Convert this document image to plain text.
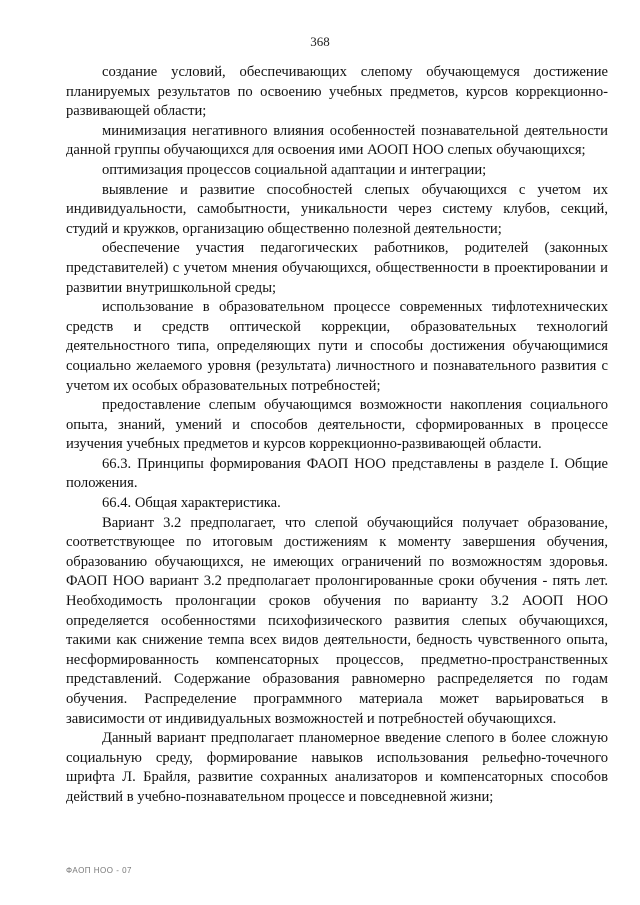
368

создание условий, обеспечивающих слепому обучающемуся достижение планируемых результатов по освоению учебных предметов, курсов коррекционно-развивающей области;

минимизация негативного влияния особенностей познавательной деятельности данной группы обучающихся для освоения ими АООП НОО слепых обучающихся;

оптимизация процессов социальной адаптации и интеграции;

выявление и развитие способностей слепых обучающихся с учетом их индивидуальности, самобытности, уникальности через систему клубов, секций, студий и кружков, организацию общественно полезной деятельности;

обеспечение участия педагогических работников, родителей (законных представителей) с учетом мнения обучающихся, общественности в проектировании и развитии внутришкольной среды;

использование в образовательном процессе современных тифлотехнических средств и средств оптической коррекции, образовательных технологий деятельностного типа, определяющих пути и способы достижения обучающимися социально желаемого уровня (результата) личностного и познавательного развития с учетом их особых образовательных потребностей;

предоставление слепым обучающимся возможности накопления социального опыта, знаний, умений и способов деятельности, сформированных в процессе изучения учебных предметов и курсов коррекционно-развивающей области.

66.3. Принципы формирования ФАОП НОО представлены в разделе I. Общие положения.

66.4. Общая характеристика.

Вариант 3.2 предполагает, что слепой обучающийся получает образование, соответствующее по итоговым достижениям к моменту завершения обучения, образованию обучающихся, не имеющих ограничений по возможностям здоровья. ФАОП НОО вариант 3.2 предполагает пролонгированные сроки обучения - пять лет. Необходимость пролонгации сроков обучения по варианту 3.2 АООП НОО определяется особенностями психофизического развития слепых обучающихся, такими как снижение темпа всех видов деятельности, бедность чувственного опыта, несформированность компенсаторных процессов, предметно-пространственных представлений. Содержание образования равномерно распределяется по годам обучения. Распределение программного материала может варьироваться в зависимости от индивидуальных возможностей и потребностей обучающихся.

Данный вариант предполагает планомерное введение слепого в более сложную социальную среду, формирование навыков использования рельефно-точечного шрифта Л. Брайля, развитие сохранных анализаторов и компенсаторных способов действий в учебно-познавательном процессе и повседневной жизни;

ФАОП НОО - 07
